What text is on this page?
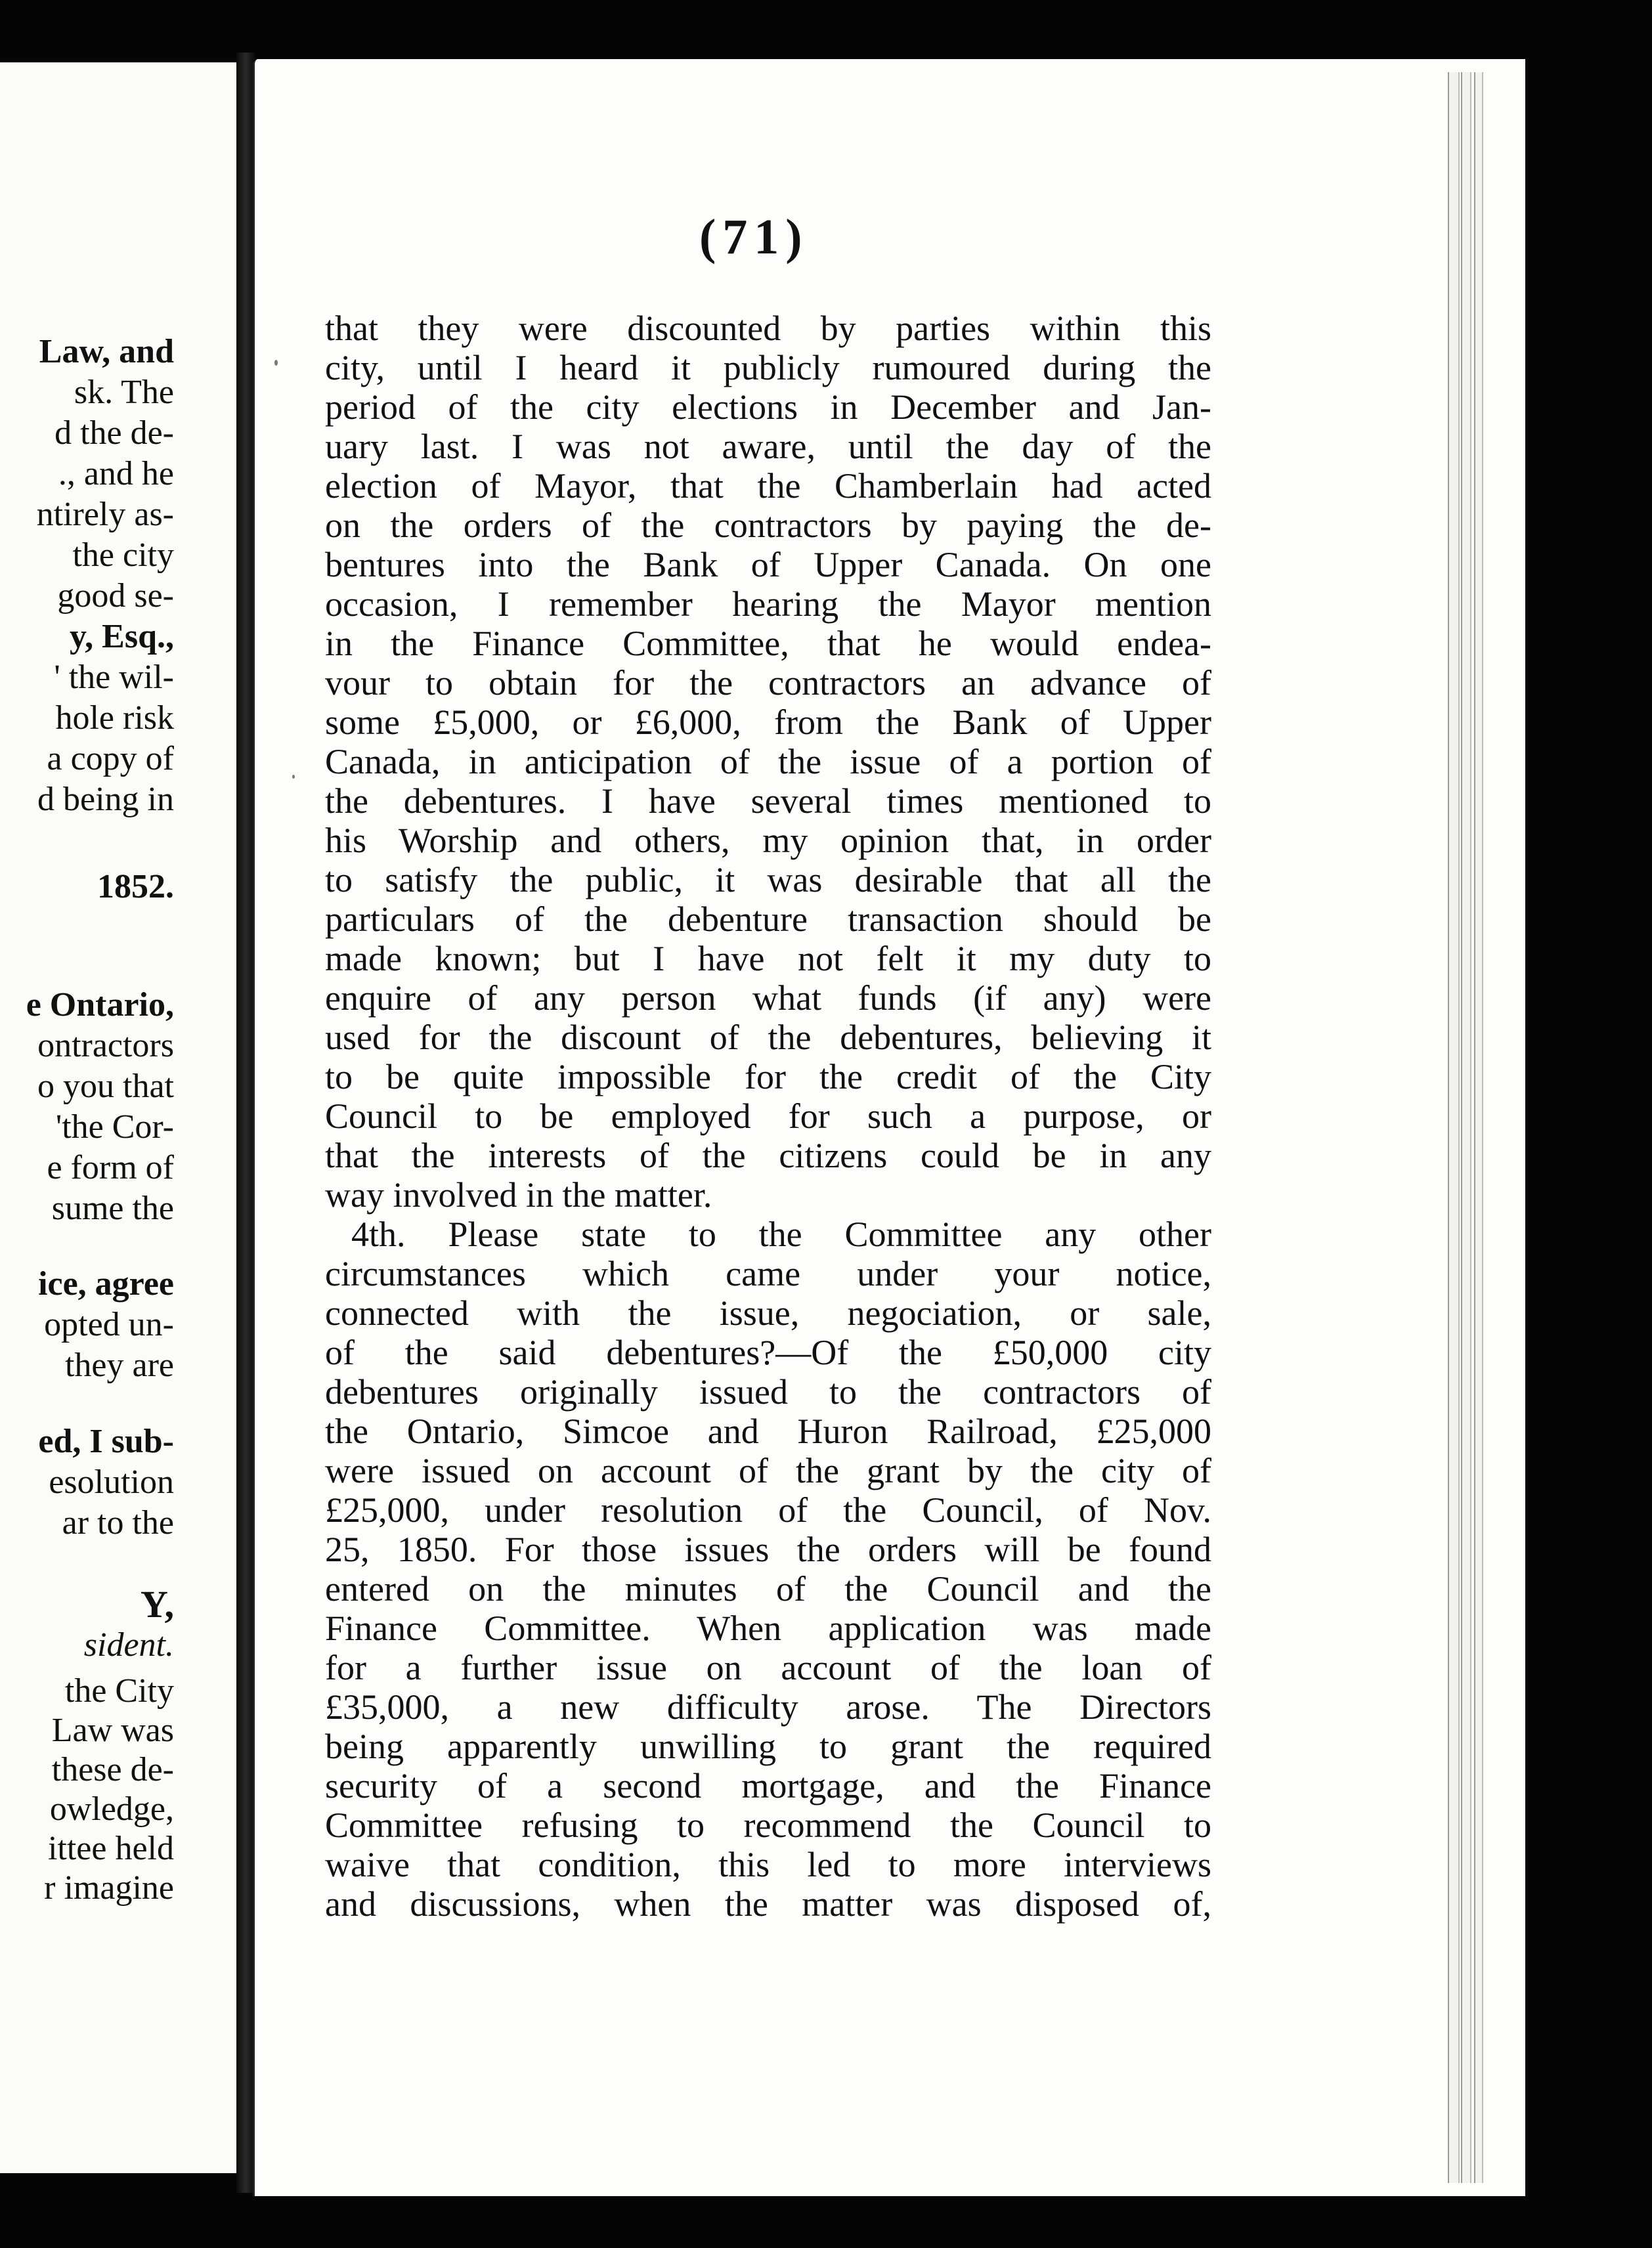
Law, and
sk. The
d the de-
., and he
ntirely as-
the city
good se-
y, Esq.,
' the wil-
hole risk
a copy of
d being in
1852.
e Ontario,
ontractors
o you that
'the Cor-
e form of
sume the
ice, agree
opted un-
they are
ed, I sub-
esolution
ar to the
Y,
sident.
the City
Law was
these de-
owledge,
ittee held
r imagine
(71)
that they were discounted by parties within this
city, until I heard it publicly rumoured during the
period of the city elections in December and Jan-
uary last. I was not aware, until the day of the
election of Mayor, that the Chamberlain had acted
on the orders of the contractors by paying the de-
bentures into the Bank of Upper Canada. On one
occasion, I remember hearing the Mayor mention
in the Finance Committee, that he would endea-
vour to obtain for the contractors an advance of
some £5,000, or £6,000, from the Bank of Upper
Canada, in anticipation of the issue of a portion of
the debentures. I have several times mentioned to
his Worship and others, my opinion that, in order
to satisfy the public, it was desirable that all the
particulars of the debenture transaction should be
made known; but I have not felt it my duty to
enquire of any person what funds (if any) were
used for the discount of the debentures, believing it
to be quite impossible for the credit of the City
Council to be employed for such a purpose, or
that the interests of the citizens could be in any
way involved in the matter.
4th. Please state to the Committee any other
circumstances which came under your notice,
connected with the issue, negociation, or sale,
of the said debentures?—Of the £50,000 city
debentures originally issued to the contractors of
the Ontario, Simcoe and Huron Railroad, £25,000
were issued on account of the grant by the city of
£25,000, under resolution of the Council, of Nov.
25, 1850. For those issues the orders will be found
entered on the minutes of the Council and the
Finance Committee. When application was made
for a further issue on account of the loan of
£35,000, a new difficulty arose. The Directors
being apparently unwilling to grant the required
security of a second mortgage, and the Finance
Committee refusing to recommend the Council to
waive that condition, this led to more interviews
and discussions, when the matter was disposed of,
